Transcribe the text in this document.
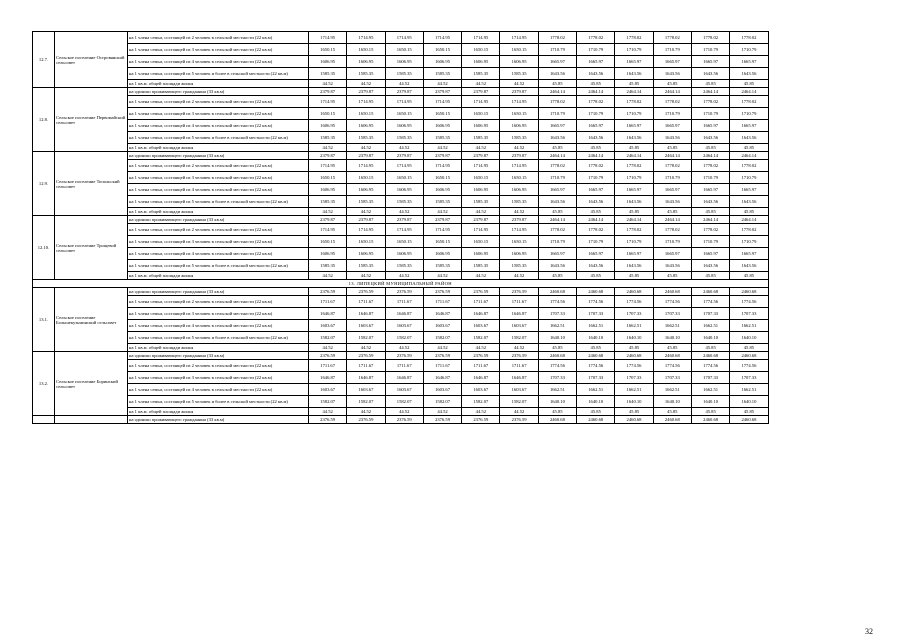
12.7.	Сельское поселение Островянский сельсовет	на 1 члена семьи, состоящей из 2 человек в сельской местности (22 кв.м)	1714.95	1714.95	1714.95	1714.95	1714.95	1714.95	1778.02	1778.02	1778.02	1778.02	1778.02	1778.02
		на 1 члена семьи, состоящей из 3 человек в сельской местности (22 кв.м)	1650.15	1650.15	1650.15	1650.15	1650.15	1650.15	1710.79	1710.79	1710.79	1710.79	1710.79	1710.79
		на 1 члена семьи, состоящей из 4 человек в сельской местности (22 кв.м)	1606.95	1606.95	1606.95	1606.95	1606.95	1606.95	1665.97	1665.97	1665.97	1665.97	1665.97	1665.97
		на 1 члена семьи, состоящей из 5 человек и более в сельской местности (22 кв.м)	1585.35	1585.35	1585.35	1585.35	1585.35	1585.35	1643.56	1643.56	1643.56	1643.56	1643.56	1643.56
		на 1 кв.м. общей площади жилья	44.52	44.52	44.52	44.52	44.52	44.52	45.85	45.85	45.85	45.85	45.85	45.85
12.8.	Сельское поселение Первомайский сельсовет	на одиноко проживающего гражданина (33 кв.м)	2379.87	2379.87	2379.87	2379.87	2379.87	2379.87	2464.14	2464.14	2464.14	2464.14	2464.14	2464.14
		на 1 члена семьи, состоящей из 2 человек в сельской местности (22 кв.м)	1714.95	1714.95	1714.95	1714.95	1714.95	1714.95	1778.02	1778.02	1778.02	1778.02	1778.02	1778.02
		на 1 члена семьи, состоящей из 3 человек в сельской местности (22 кв.м)	1650.15	1650.15	1650.15	1650.15	1650.15	1650.15	1710.79	1710.79	1710.79	1710.79	1710.79	1710.79
		на 1 члена семьи, состоящей из 4 человек в сельской местности (22 кв.м)	1606.95	1606.95	1606.95	1606.95	1606.95	1606.95	1665.97	1665.97	1665.97	1665.97	1665.97	1665.97
		на 1 члена семьи, состоящей из 5 человек и более в сельской местности (22 кв.м)	1585.35	1585.35	1585.35	1585.35	1585.35	1585.35	1643.56	1643.56	1643.56	1643.56	1643.56	1643.56
		на 1 кв.м. общей площади жилья	44.52	44.52	44.52	44.52	44.52	44.52	45.85	45.85	45.85	45.85	45.85	45.85
12.9.	Сельское поселение Топольский сельсовет	на одиноко проживающего гражданина (33 кв.м)	2379.87	2379.87	2379.87	2379.87	2379.87	2379.87	2464.14	2464.14	2464.14	2464.14	2464.14	2464.14
		на 1 члена семьи, состоящей из 2 человек в сельской местности (22 кв.м)	1714.95	1714.95	1714.95	1714.95	1714.95	1714.95	1778.02	1778.02	1778.02	1778.02	1778.02	1778.02
		на 1 члена семьи, состоящей из 3 человек в сельской местности (22 кв.м)	1650.15	1650.15	1650.15	1650.15	1650.15	1650.15	1710.79	1710.79	1710.79	1710.79	1710.79	1710.79
		на 1 члена семьи, состоящей из 4 человек в сельской местности (22 кв.м)	1606.95	1606.95	1606.95	1606.95	1606.95	1606.95	1665.97	1665.97	1665.97	1665.97	1665.97	1665.97
		на 1 члена семьи, состоящей из 5 человек и более в сельской местности (22 кв.м)	1585.35	1585.35	1585.35	1585.35	1585.35	1585.35	1643.56	1643.56	1643.56	1643.56	1643.56	1643.56
		на 1 кв.м. общей площади жилья	44.52	44.52	44.52	44.52	44.52	44.52	45.85	45.85	45.85	45.85	45.85	45.85
12.10.	Сельское поселение Трощевой сельсовет	на одиноко проживающего гражданина (33 кв.м)	2379.87	2379.87	2379.87	2379.87	2379.87	2379.87	2464.14	2464.14	2464.14	2464.14	2464.14	2464.14
		на 1 члена семьи, состоящей из 2 человек в сельской местности (22 кв.м)	1714.95	1714.95	1714.95	1714.95	1714.95	1714.95	1778.02	1778.02	1778.02	1778.02	1778.02	1778.02
		на 1 члена семьи, состоящей из 3 человек в сельской местности (22 кв.м)	1650.15	1650.15	1650.15	1650.15	1650.15	1650.15	1710.79	1710.79	1710.79	1710.79	1710.79	1710.79
		на 1 члена семьи, состоящей из 4 человек в сельской местности (22 кв.м)	1606.95	1606.95	1606.95	1606.95	1606.95	1606.95	1665.97	1665.97	1665.97	1665.97	1665.97	1665.97
		на 1 члена семьи, состоящей из 5 человек и более в сельской местности (22 кв.м)	1585.35	1585.35	1585.35	1585.35	1585.35	1585.35	1643.56	1643.56	1643.56	1643.56	1643.56	1643.56
		на 1 кв.м. общей площади жилья	44.52	44.52	44.52	44.52	44.52	44.52	45.85	45.85	45.85	45.85	45.85	45.85
13. ЛИПЕЦКИЙ МУНИЦИПАЛЬНЫЙ РАЙОН														
13.1.	Сельское поселение Большекузьминский сельсовет	на одиноко проживающего гражданина (33 кв.м)	2376.59	2376.59	2376.59	2376.59	2376.59	2376.59	2460.68	2460.68	2460.68	2460.68	2460.68	2460.68
		на 1 члена семьи, состоящей из 2 человек в сельской местности (22 кв.м)	1711.67	1711.67	1711.67	1711.67	1711.67	1711.67	1774.56	1774.56	1774.56	1774.56	1774.56	1774.56
		на 1 члена семьи, состоящей из 3 человек в сельской местности (22 кв.м)	1646.87	1646.87	1646.87	1646.87	1646.87	1646.87	1707.33	1707.33	1707.33	1707.33	1707.33	1707.33
		на 1 члена семьи, состоящей из 4 человек в сельской местности (22 кв.м)	1603.67	1603.67	1603.67	1603.67	1603.67	1603.67	1662.51	1662.51	1662.51	1662.51	1662.51	1662.51
		на 1 члена семьи, состоящей из 5 человек и более в сельской местности (22 кв.м)	1582.07	1582.07	1582.07	1582.07	1582.07	1582.07	1640.10	1640.10	1640.10	1640.10	1640.10	1640.10
		на 1 кв.м. общей площади жилья	44.52	44.52	44.52	44.52	44.52	44.52	45.85	45.85	45.85	45.85	45.85	45.85
13.2.	Сельское поселение Боринский сельсовет	на одиноко проживающего гражданина (33 кв.м)	2376.59	2376.59	2376.59	2376.59	2376.59	2376.59	2460.68	2460.68	2460.68	2460.68	2460.68	2460.68
		на 1 члена семьи, состоящей из 2 человек в сельской местности (22 кв.м)	1711.67	1711.67	1711.67	1711.67	1711.67	1711.67	1774.56	1774.56	1774.56	1774.56	1774.56	1774.56
		на 1 члена семьи, состоящей из 3 человек в сельской местности (22 кв.м)	1646.87	1646.87	1646.87	1646.87	1646.87	1646.87	1707.33	1707.33	1707.33	1707.33	1707.33	1707.33
		на 1 члена семьи, состоящей из 4 человек в сельской местности (22 кв.м)	1603.67	1603.67	1603.67	1603.67	1603.67	1603.67	1662.51	1662.51	1662.51	1662.51	1662.51	1662.51
		на 1 члена семьи, состоящей из 5 человек и более в сельской местности (22 кв.м)	1582.07	1582.07	1582.07	1582.07	1582.07	1582.07	1640.10	1640.10	1640.10	1640.10	1640.10	1640.10
		на 1 кв.м. общей площади жилья	44.52	44.52	44.52	44.52	44.52	44.52	45.85	45.85	45.85	45.85	45.85	45.85
		на одиноко проживающего гражданина (33 кв.м)	2376.59	2376.59	2376.59	2376.59	2376.59	2376.59	2460.68	2460.68	2460.68	2460.68	2460.68	2460.68
32
